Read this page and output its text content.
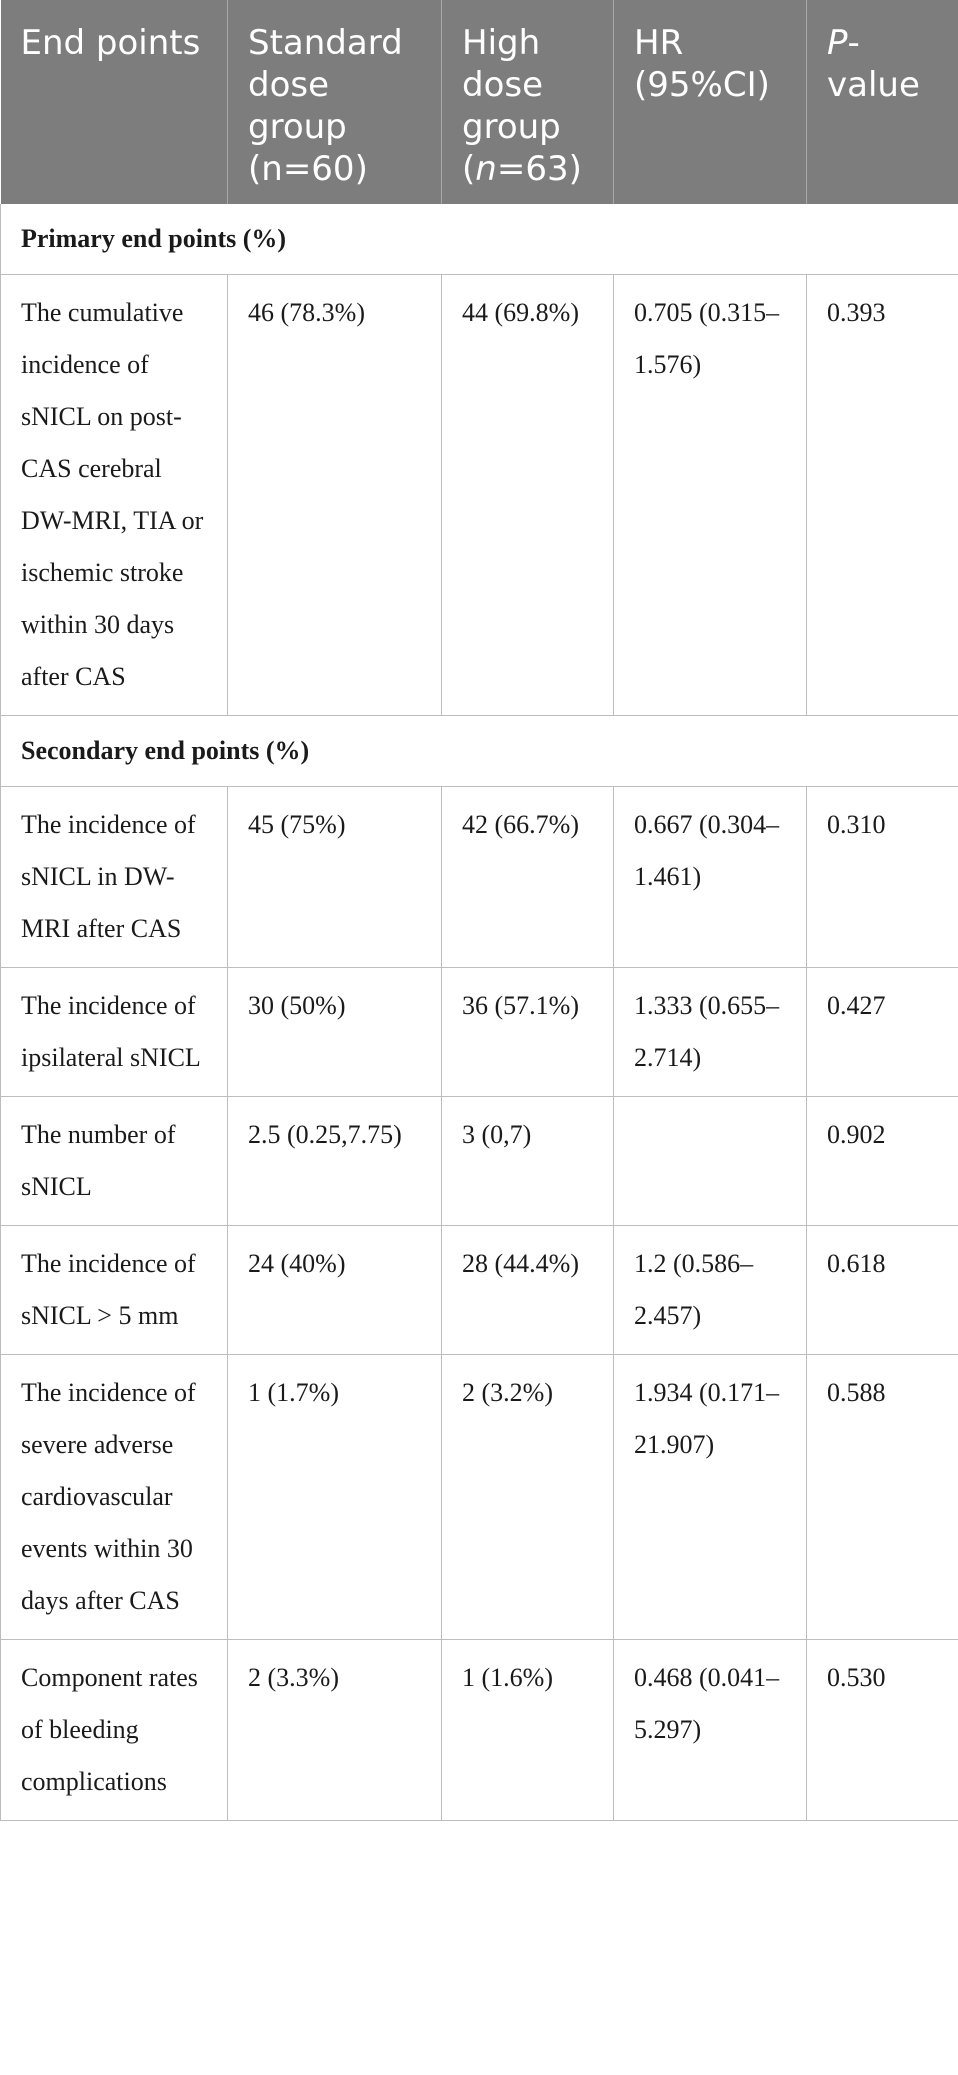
End points	Standard dose group (n=60)	High dose group (n=63)	HR (95%CI)	P-value
Primary end points (%)				
The cumulative incidence of sNICL on post-CAS cerebral DW-MRI, TIA or ischemic stroke within 30 days after CAS	46 (78.3%)	44 (69.8%)	0.705 (0.315–1.576)	0.393
Secondary end points (%)				
The incidence of sNICL in DW-MRI after CAS	45 (75%)	42 (66.7%)	0.667 (0.304–1.461)	0.310
The incidence of ipsilateral sNICL	30 (50%)	36 (57.1%)	1.333 (0.655–2.714)	0.427
The number of sNICL	2.5 (0.25,7.75)	3 (0,7)		0.902
The incidence of sNICL > 5 mm	24 (40%)	28 (44.4%)	1.2 (0.586–2.457)	0.618
The incidence of severe adverse cardiovascular events within 30 days after CAS	1 (1.7%)	2 (3.2%)	1.934 (0.171–21.907)	0.588
Component rates of bleeding complications	2 (3.3%)	1 (1.6%)	0.468 (0.041–5.297)	0.530
